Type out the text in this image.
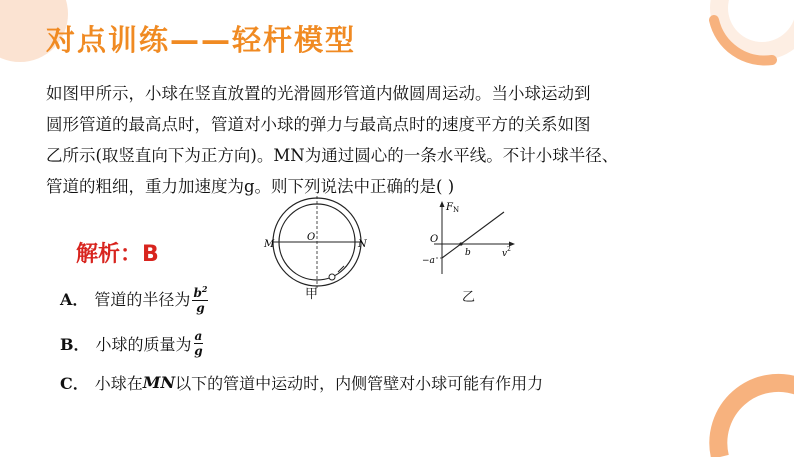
对点训练——轻杆模型

如图甲所示，小球在竖直放置的光滑圆形管道内做圆周运动。当小球运动到

圆形管道的最高点时，管道对小球的弹力与最高点时的速度平方的关系如图

乙所示(取竖直向下为正方向)。MN为通过圆心的一条水平线。不计小球半径、

管道的粗细，重力加速度为g。则下列说法中正确的是( )

M
O
N
甲
F N
O
−a
b	v 2
乙
解析：B
A． 管道的半径为 $\frac{b^2}{g}$
B． 小球的质量为 $\frac{a}{g}$
C． 小球在 MN 以下的管道中运动时，内侧管壁对小球可能有作用力
